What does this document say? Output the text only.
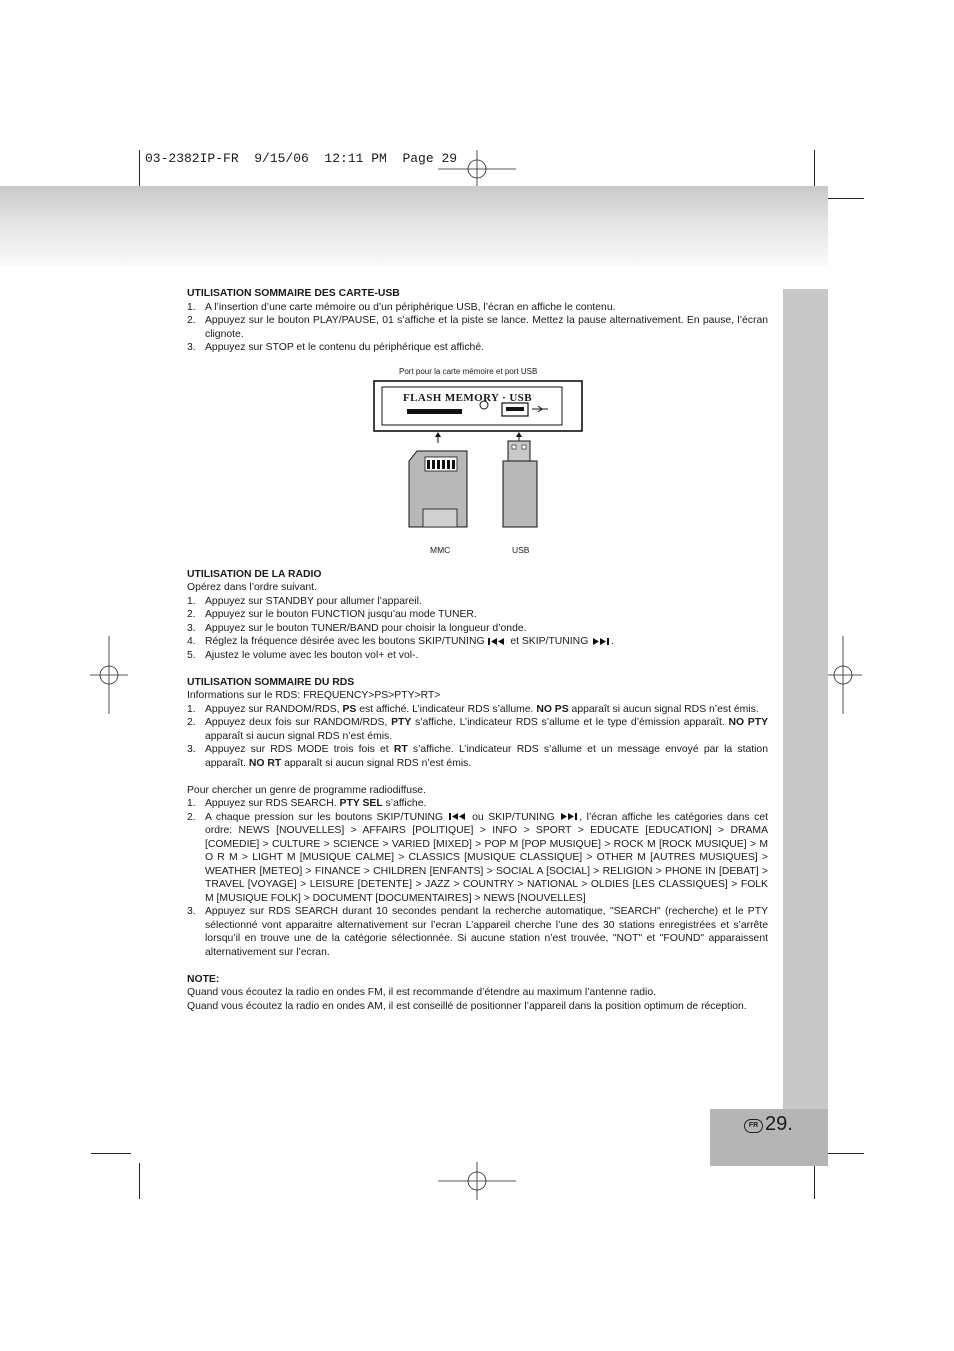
03-2382IP-FR  9/15/06  12:11 PM  Page 29
FR 29.
UTILISATION SOMMAIRE DES CARTE-USB
1. A l’insertion d’une carte mémoire ou d’un périphérique USB, l’écran en affiche le contenu.
2. Appuyez sur le bouton PLAY/PAUSE, 01 s’affiche et la piste se lance. Mettez la pause alternativement. En pause, l’écran clignote.
3. Appuyez sur STOP et le contenu du périphérique est affiché.
Port pour la carte mémoire et port USB
FLASH MEMORY · USB
MMC	USB
UTILISATION DE LA RADIO

Opérez dans l’ordre suivant.

1. Appuyez sur STANDBY pour allumer l’appareil.
2. Appuyez sur le bouton FUNCTION jusqu’au mode TUNER.
3. Appuyez sur le bouton TUNER/BAND pour choisir la longueur d’onde.
4. Réglez la fréquence désirée avec les boutons SKIP/TUNING et SKIP/TUNING .
5. Ajustez le volume avec les bouton vol+ et vol-.
UTILISATION SOMMAIRE DU RDS

Informations sur le RDS: FREQUENCY>PS>PTY>RT>

1. Appuyez sur RANDOM/RDS, PS est affiché. L’indicateur RDS s’allume. NO PS apparaît si aucun signal RDS n’est émis.
2. Appuyez deux fois sur RANDOM/RDS, PTY s’affiche. L’indicateur RDS s’allume et le type d’émission apparaît. NO PTY apparaît si aucun signal RDS n’est émis.
3. Appuyez sur RDS MODE trois fois et RT s’affiche. L’indicateur RDS s’allume et un message envoyé par la station apparaît. NO RT apparaît si aucun signal RDS n’est émis.

Pour chercher un genre de programme radiodiffuse.

1. Appuyez sur RDS SEARCH. PTY SEL s’affiche.
2. A chaque pression sur les boutons SKIP/TUNING	ou SKIP/TUNING , l’écran affiche les catégories dans cet ordre: NEWS [NOUVELLES] > AFFAIRS [POLITIQUE] > INFO > SPORT > EDUCATE [EDUCATION] > DRAMA [COMEDIE] > CULTURE > SCIENCE > VARIED [MIXED] > POP M [POP MUSIQUE] > ROCK M [ROCK MUSIQUE] > M O R M > LIGHT M [MUSIQUE CALME] > CLASSICS [MUSIQUE CLASSIQUE] > OTHER M [AUTRES MUSIQUES] > WEATHER [METEO] > FINANCE > CHILDREN [ENFANTS] > SOCIAL A [SOCIAL] > RELIGION > PHONE IN [DEBAT] > TRAVEL [VOYAGE] > LEISURE [DETENTE] > JAZZ > COUNTRY > NATIONAL > OLDIES [LES CLASSIQUES] > FOLK M [MUSIQUE FOLK] > DOCUMENT [DOCUMENTAIRES] > NEWS [NOUVELLES]
3. Appuyez sur RDS SEARCH durant 10 secondes pendant la recherche automatique, "SEARCH" (recherche) et le PTY sélectionné vont apparaitre alternativement sur l’ecran L’appareil cherche l’une des 30 stations enregistrées et s’arrête lorsqu’il en trouve une de la catégorie sélectionnée. Si aucune station n’est trouvée, "NOT" et "FOUND" apparaissent alternativement sur l’ecran.
NOTE:

Quand vous écoutez la radio en ondes FM, il est recommande d’étendre au maximum l’antenne radio.

Quand vous écoutez la radio en ondes AM, il est conseillé de positionner l’appareil dans la position optimum de réception.
